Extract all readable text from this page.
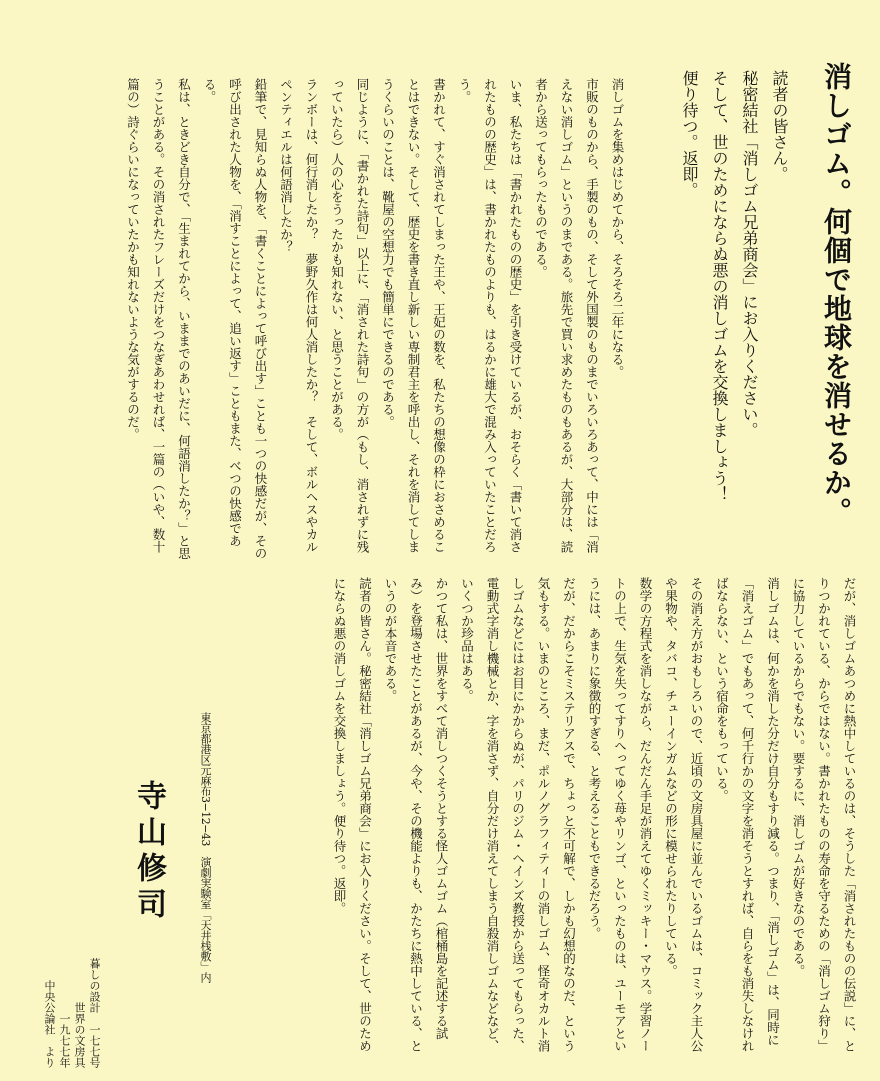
消しゴム。何個で地球を消せるか。

読者の皆さん。

秘密結社「消しゴム兄弟商会」にお入りください。

そして、世のためにならぬ悪の消しゴムを交換しましょう！

便り待つ。返即。

消しゴムを集めはじめてから、そろそろ二年になる。

市販のものから、手製のもの、そして外国製のものまでいろいろあって、中には「消えない消しゴム」というのまである。旅先で買い求めたものもあるが、大部分は、読者から送ってもらったものである。

いま、私たちは「書かれたものの歴史」を引き受けているが、おそらく「書いて消されたものの歴史」は、書かれたものよりも、はるかに雄大で混み入っていたことだろう。

書かれて、すぐ消されてしまった王や、王妃の数を、私たちの想像の枠におさめることはできない。そして、歴史を書き直し新しい専制君主を呼出し、それを消してしまうくらいのことは、靴屋の空想力でも簡単にできるのである。

同じように、「書かれた詩句」以上に、「消された詩句」の方が（もし、消されずに残っていたら）人の心をうったかも知れない、と思うことがある。

ランボーは、何行消したか？　夢野久作は何人消したか？　そして、ボルヘスやカルペンティエルは何語消したか？

鉛筆で、見知らぬ人物を、「書くことによって呼び出す」ことも一つの快感だが、その呼び出された人物を、「消すことによって、追い返す」こともまた、べつの快感である。

私は、ときどき自分で、「生まれてから、いままでのあいだに、何語消したか？」と思うことがある。その消されたフレーズだけをつなぎあわせれば、一篇の（いや、数十篇の）詩ぐらいになっていたかも知れないような気がするのだ。

だが、消しゴムあつめに熱中しているのは、そうした「消されたものの伝説」に、とりつかれている、からではない。書かれたものの寿命を守るための「消しゴム狩り」に協力しているからでもない。要するに、消しゴムが好きなのである。

消しゴムは、何かを消した分だけ自分もすり減る。つまり、「消しゴム」は、同時に「消えゴム」でもあって、何千行かの文字を消そうとすれば、自らをも消失しなければならない、という宿命をもっている。

その消え方がおもしろいので、近頃の文房具屋に並んでいるゴムは、コミック主人公や果物や、タバコ、チューインガムなどの形に模せられたりしている。

数学の方程式を消しながら、だんだん手足が消えてゆくミッキー・マウス。学習ノートの上で、生気を失ってすりへってゆく苺やリンゴ、といったものは、ユーモアというには、あまりに象徴的すぎる、と考えることもできるだろう。

だが、だからこそミステリアスで、ちょっと不可解で、しかも幻想的なのだ、という気もする。いまのところ、まだ、ポルノグラフィティーの消しゴム、怪奇オカルト消しゴムなどにはお目にかからぬが、パリのジム・ヘインズ教授から送ってもらった、電動式字消し機械とか、字を消さず、自分だけ消えてしまう自殺消しゴムなどなど、いくつか珍品はある。

かつて私は、世界をすべて消しつくそうとする怪人ゴムゴム（棺桶島を記述する試み）を登場させたことがあるが、今や、その機能よりも、かたちに熱中している、というのが本音である。

読者の皆さん。秘密結社「消しゴム兄弟商会」にお入りください。そして、世のためにならぬ悪の消しゴムを交換しましょう。便り待つ。返即。

東京都港区元麻布3−12−43　演劇実験室「天井桟敷」内
寺山修司

暮しの設計　一七七号

世界の文房具

一九七七年

中央公論社　より
